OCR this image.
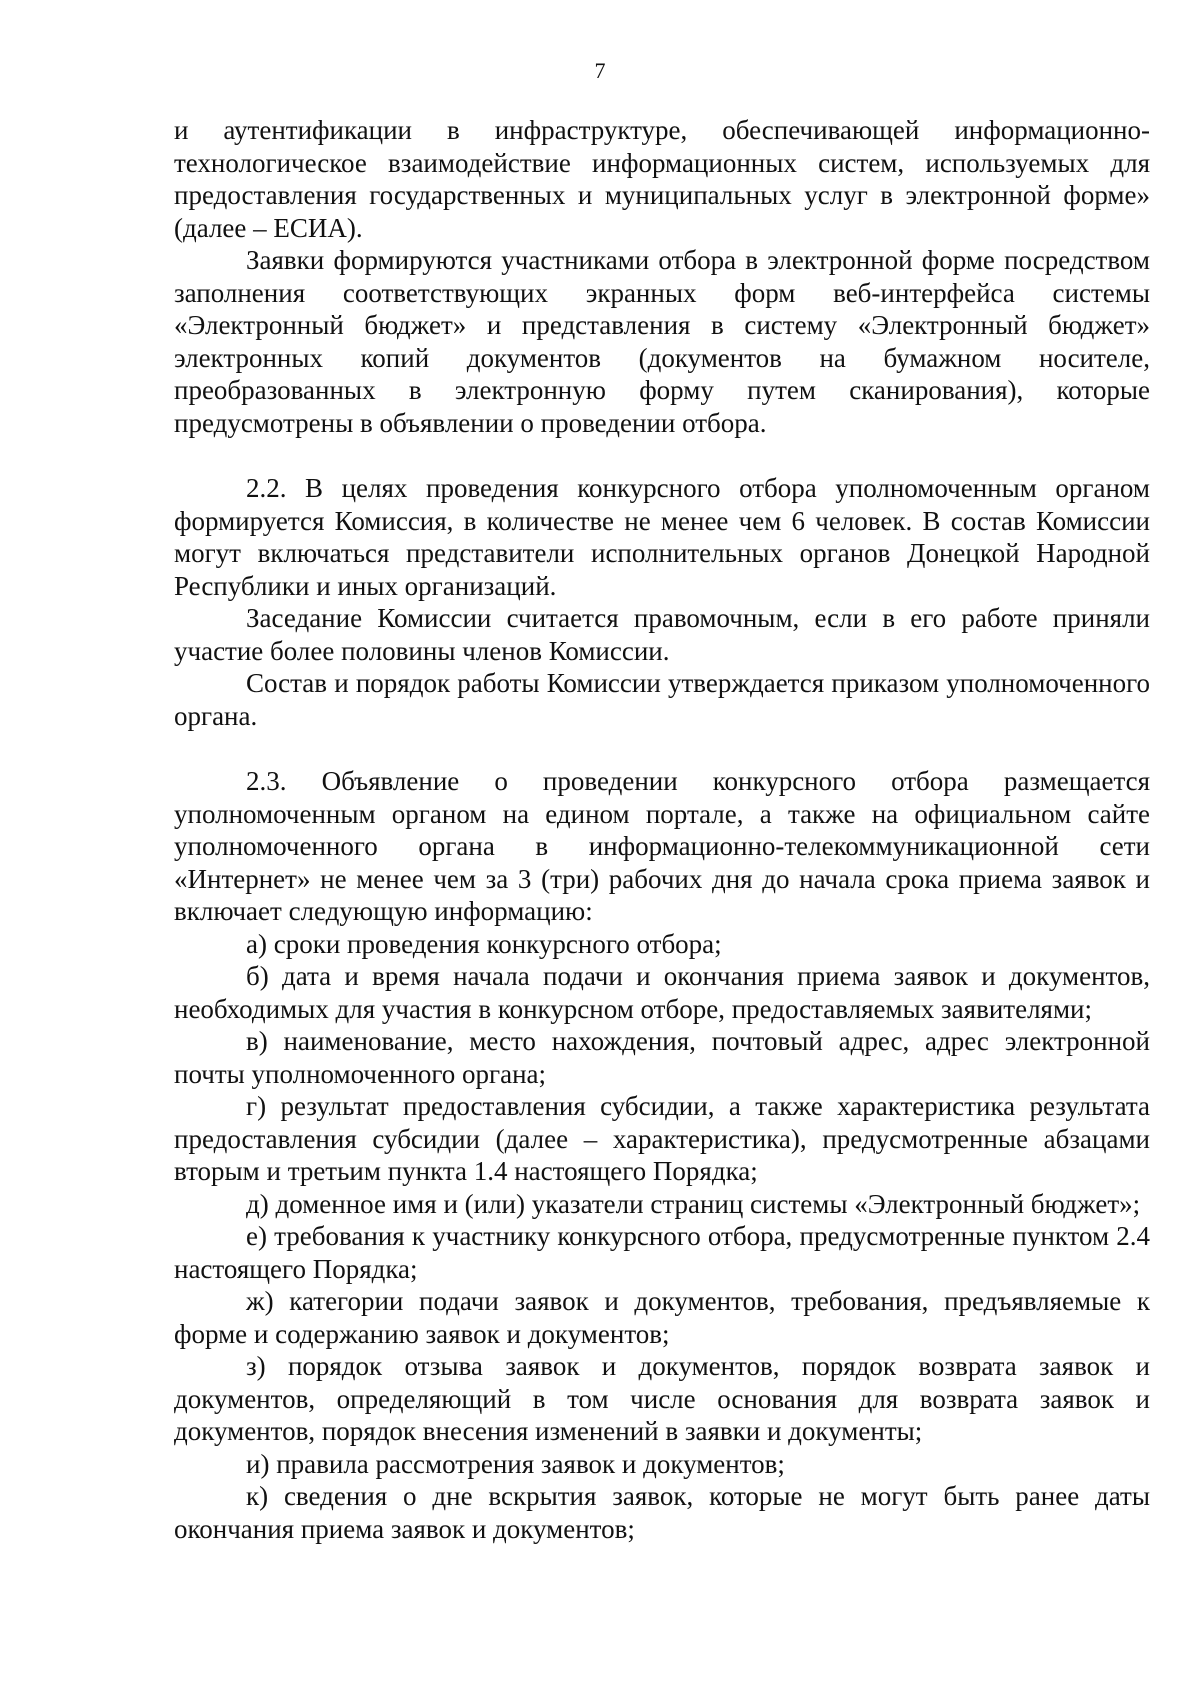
7

и аутентификации в инфраструктуре, обеспечивающей информационно-технологическое взаимодействие информационных систем, используемых для предоставления государственных и муниципальных услуг в электронной форме» (далее – ЕСИА).

Заявки формируются участниками отбора в электронной форме посредством заполнения соответствующих экранных форм веб-интерфейса системы «Электронный бюджет» и представления в систему «Электронный бюджет» электронных копий документов (документов на бумажном носителе, преобразованных в электронную форму путем сканирования), которые предусмотрены в объявлении о проведении отбора.

2.2. В целях проведения конкурсного отбора уполномоченным органом формируется Комиссия, в количестве не менее чем 6 человек. В состав Комиссии могут включаться представители исполнительных органов Донецкой Народной Республики и иных организаций.

Заседание Комиссии считается правомочным, если в его работе приняли участие более половины членов Комиссии.

Состав и порядок работы Комиссии утверждается приказом уполномоченного органа.

2.3. Объявление о проведении конкурсного отбора размещается уполномоченным органом на едином портале, а также на официальном сайте уполномоченного органа в информационно-телекоммуникационной сети «Интернет» не менее чем за 3 (три) рабочих дня до начала срока приема заявок и включает следующую информацию:

а) сроки проведения конкурсного отбора;

б) дата и время начала подачи и окончания приема заявок и документов, необходимых для участия в конкурсном отборе, предоставляемых заявителями;

в) наименование, место нахождения, почтовый адрес, адрес электронной почты уполномоченного органа;

г) результат предоставления субсидии, а также характеристика результата предоставления субсидии (далее – характеристика), предусмотренные абзацами вторым и третьим пункта 1.4 настоящего Порядка;

д) доменное имя и (или) указатели страниц системы «Электронный бюджет»;

е) требования к участнику конкурсного отбора, предусмотренные пунктом 2.4 настоящего Порядка;

ж) категории подачи заявок и документов, требования, предъявляемые к форме и содержанию заявок и документов;

з) порядок отзыва заявок и документов, порядок возврата заявок и документов, определяющий в том числе основания для возврата заявок и документов, порядок внесения изменений в заявки и документы;

и) правила рассмотрения заявок и документов;

к) сведения о дне вскрытия заявок, которые не могут быть ранее даты окончания приема заявок и документов;
